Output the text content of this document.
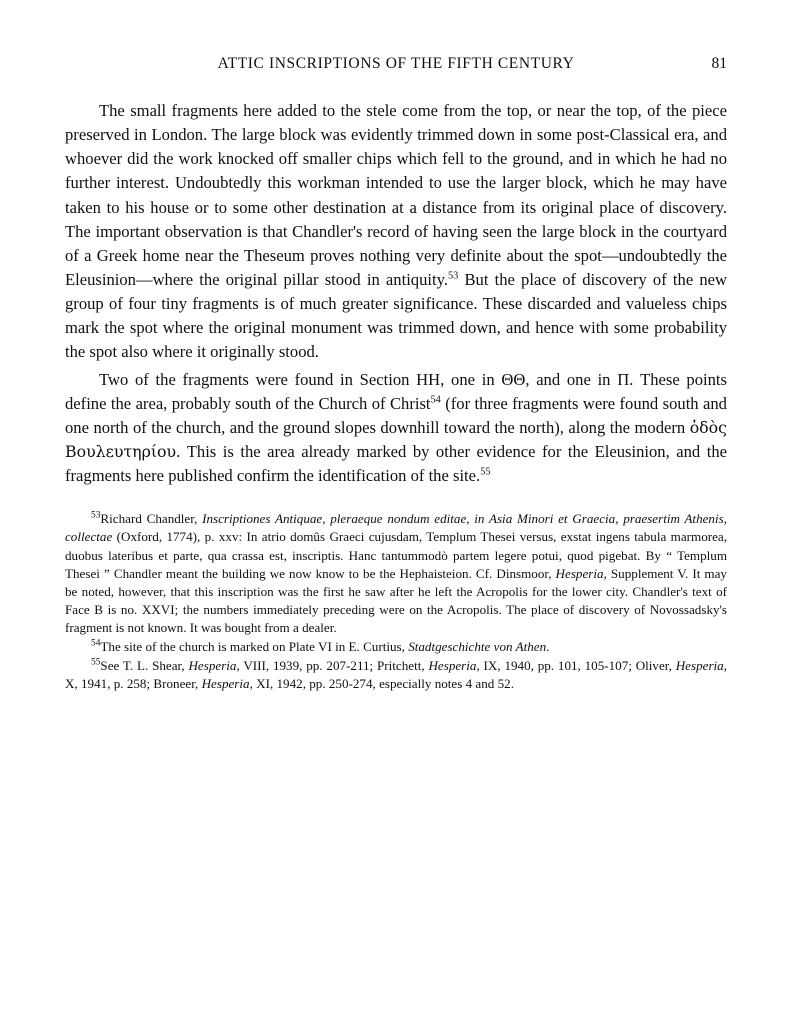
ATTIC INSCRIPTIONS OF THE FIFTH CENTURY	81

The small fragments here added to the stele come from the top, or near the top, of the piece preserved in London. The large block was evidently trimmed down in some post-Classical era, and whoever did the work knocked off smaller chips which fell to the ground, and in which he had no further interest. Undoubtedly this workman intended to use the larger block, which he may have taken to his house or to some other destination at a distance from its original place of discovery. The important observation is that Chandler's record of having seen the large block in the courtyard of a Greek home near the Theseum proves nothing very definite about the spot—undoubtedly the Eleusinion—where the original pillar stood in antiquity.$^{53}$ But the place of discovery of the new group of four tiny fragments is of much greater significance. These discarded and valueless chips mark the spot where the original monument was trimmed down, and hence with some probability the spot also where it originally stood.

Two of the fragments were found in Section HH, one in ΘΘ, and one in Π. These points define the area, probably south of the Church of Christ$^{54}$ (for three fragments were found south and one north of the church, and the ground slopes downhill toward the north), along the modern ὁδὸς Βουλευτηρίου. This is the area already marked by other evidence for the Eleusinion, and the fragments here published confirm the identification of the site.$^{55}$

$^{53}$Richard Chandler, Inscriptiones Antiquae, pleraeque nondum editae, in Asia Minori et Graecia, praesertim Athenis, collectae (Oxford, 1774), p. xxv: In atrio domûs Graeci cujusdam, Templum Thesei versus, exstat ingens tabula marmorea, duobus lateribus et parte, qua crassa est, inscriptis. Hanc tantummodò partem legere potui, quod pigebat. By “ Templum Thesei ” Chandler meant the building we now know to be the Hephaisteion. Cf. Dinsmoor, Hesperia, Supplement V. It may be noted, however, that this inscription was the first he saw after he left the Acropolis for the lower city. Chandler's text of Face B is no. XXVI; the numbers immediately preceding were on the Acropolis. The place of discovery of Novossadsky's fragment is not known. It was bought from a dealer.

$^{54}$The site of the church is marked on Plate VI in E. Curtius, Stadtgeschichte von Athen.

$^{55}$See T. L. Shear, Hesperia, VIII, 1939, pp. 207-211; Pritchett, Hesperia, IX, 1940, pp. 101, 105-107; Oliver, Hesperia, X, 1941, p. 258; Broneer, Hesperia, XI, 1942, pp. 250-274, especially notes 4 and 52.
